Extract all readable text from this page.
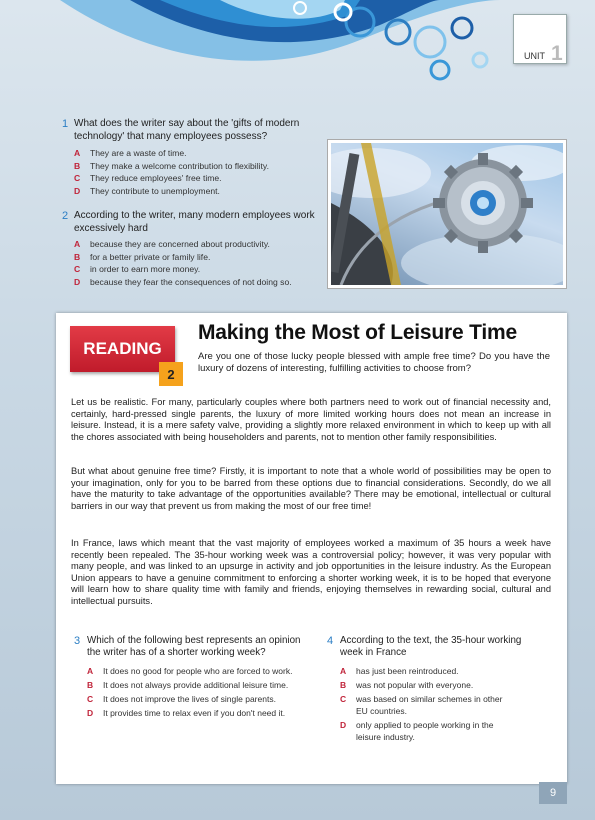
UNIT 1
1 What does the writer say about the 'gifts of modern technology' that many employees possess?
A They are a waste of time.
B They make a welcome contribution to flexibility.
C They reduce employees' free time.
D They contribute to unemployment.
2 According to the writer, many modern employees work excessively hard
A because they are concerned about productivity.
B for a better private or family life.
C in order to earn more money.
D because they fear the consequences of not doing so.
READING
2
Making the Most of Leisure Time

Are you one of those lucky people blessed with ample free time? Do you have the luxury of dozens of interesting, fulfilling activities to choose from?

Let us be realistic. For many, particularly couples where both partners need to work out of financial necessity and, certainly, hard-pressed single parents, the luxury of more limited working hours does not mean an increase in leisure. Instead, it is a mere safety valve, providing a slightly more relaxed environment in which to keep up with all the chores associated with being householders and parents, not to mention other family responsibilities.

But what about genuine free time? Firstly, it is important to note that a whole world of possibilities may be open to your imagination, only for you to be barred from these options due to financial considerations. Secondly, do we all have the maturity to take advantage of the opportunities available? There may be emotional, intellectual or cultural barriers in our way that prevent us from making the most of our free time!

In France, laws which meant that the vast majority of employees worked a maximum of 35 hours a week have recently been repealed. The 35-hour working week was a controversial policy; however, it was very popular with many people, and was linked to an upsurge in activity and job opportunities in the leisure industry. As the European Union appears to have a genuine commitment to enforcing a shorter working week, it is to be hoped that everyone will learn how to share quality time with family and friends, enjoying themselves in rewarding social, cultural and intellectual pursuits.

3 Which of the following best represents an opinion the writer has of a shorter working week?
A It does no good for people who are forced to work.
B It does not always provide additional leisure time.
C It does not improve the lives of single parents.
D It provides time to relax even if you don't need it.
4 According to the text, the 35-hour working week in France
A has just been reintroduced.
B was not popular with everyone.
C was based on similar schemes in other EU countries.
D only applied to people working in the leisure industry.
9
